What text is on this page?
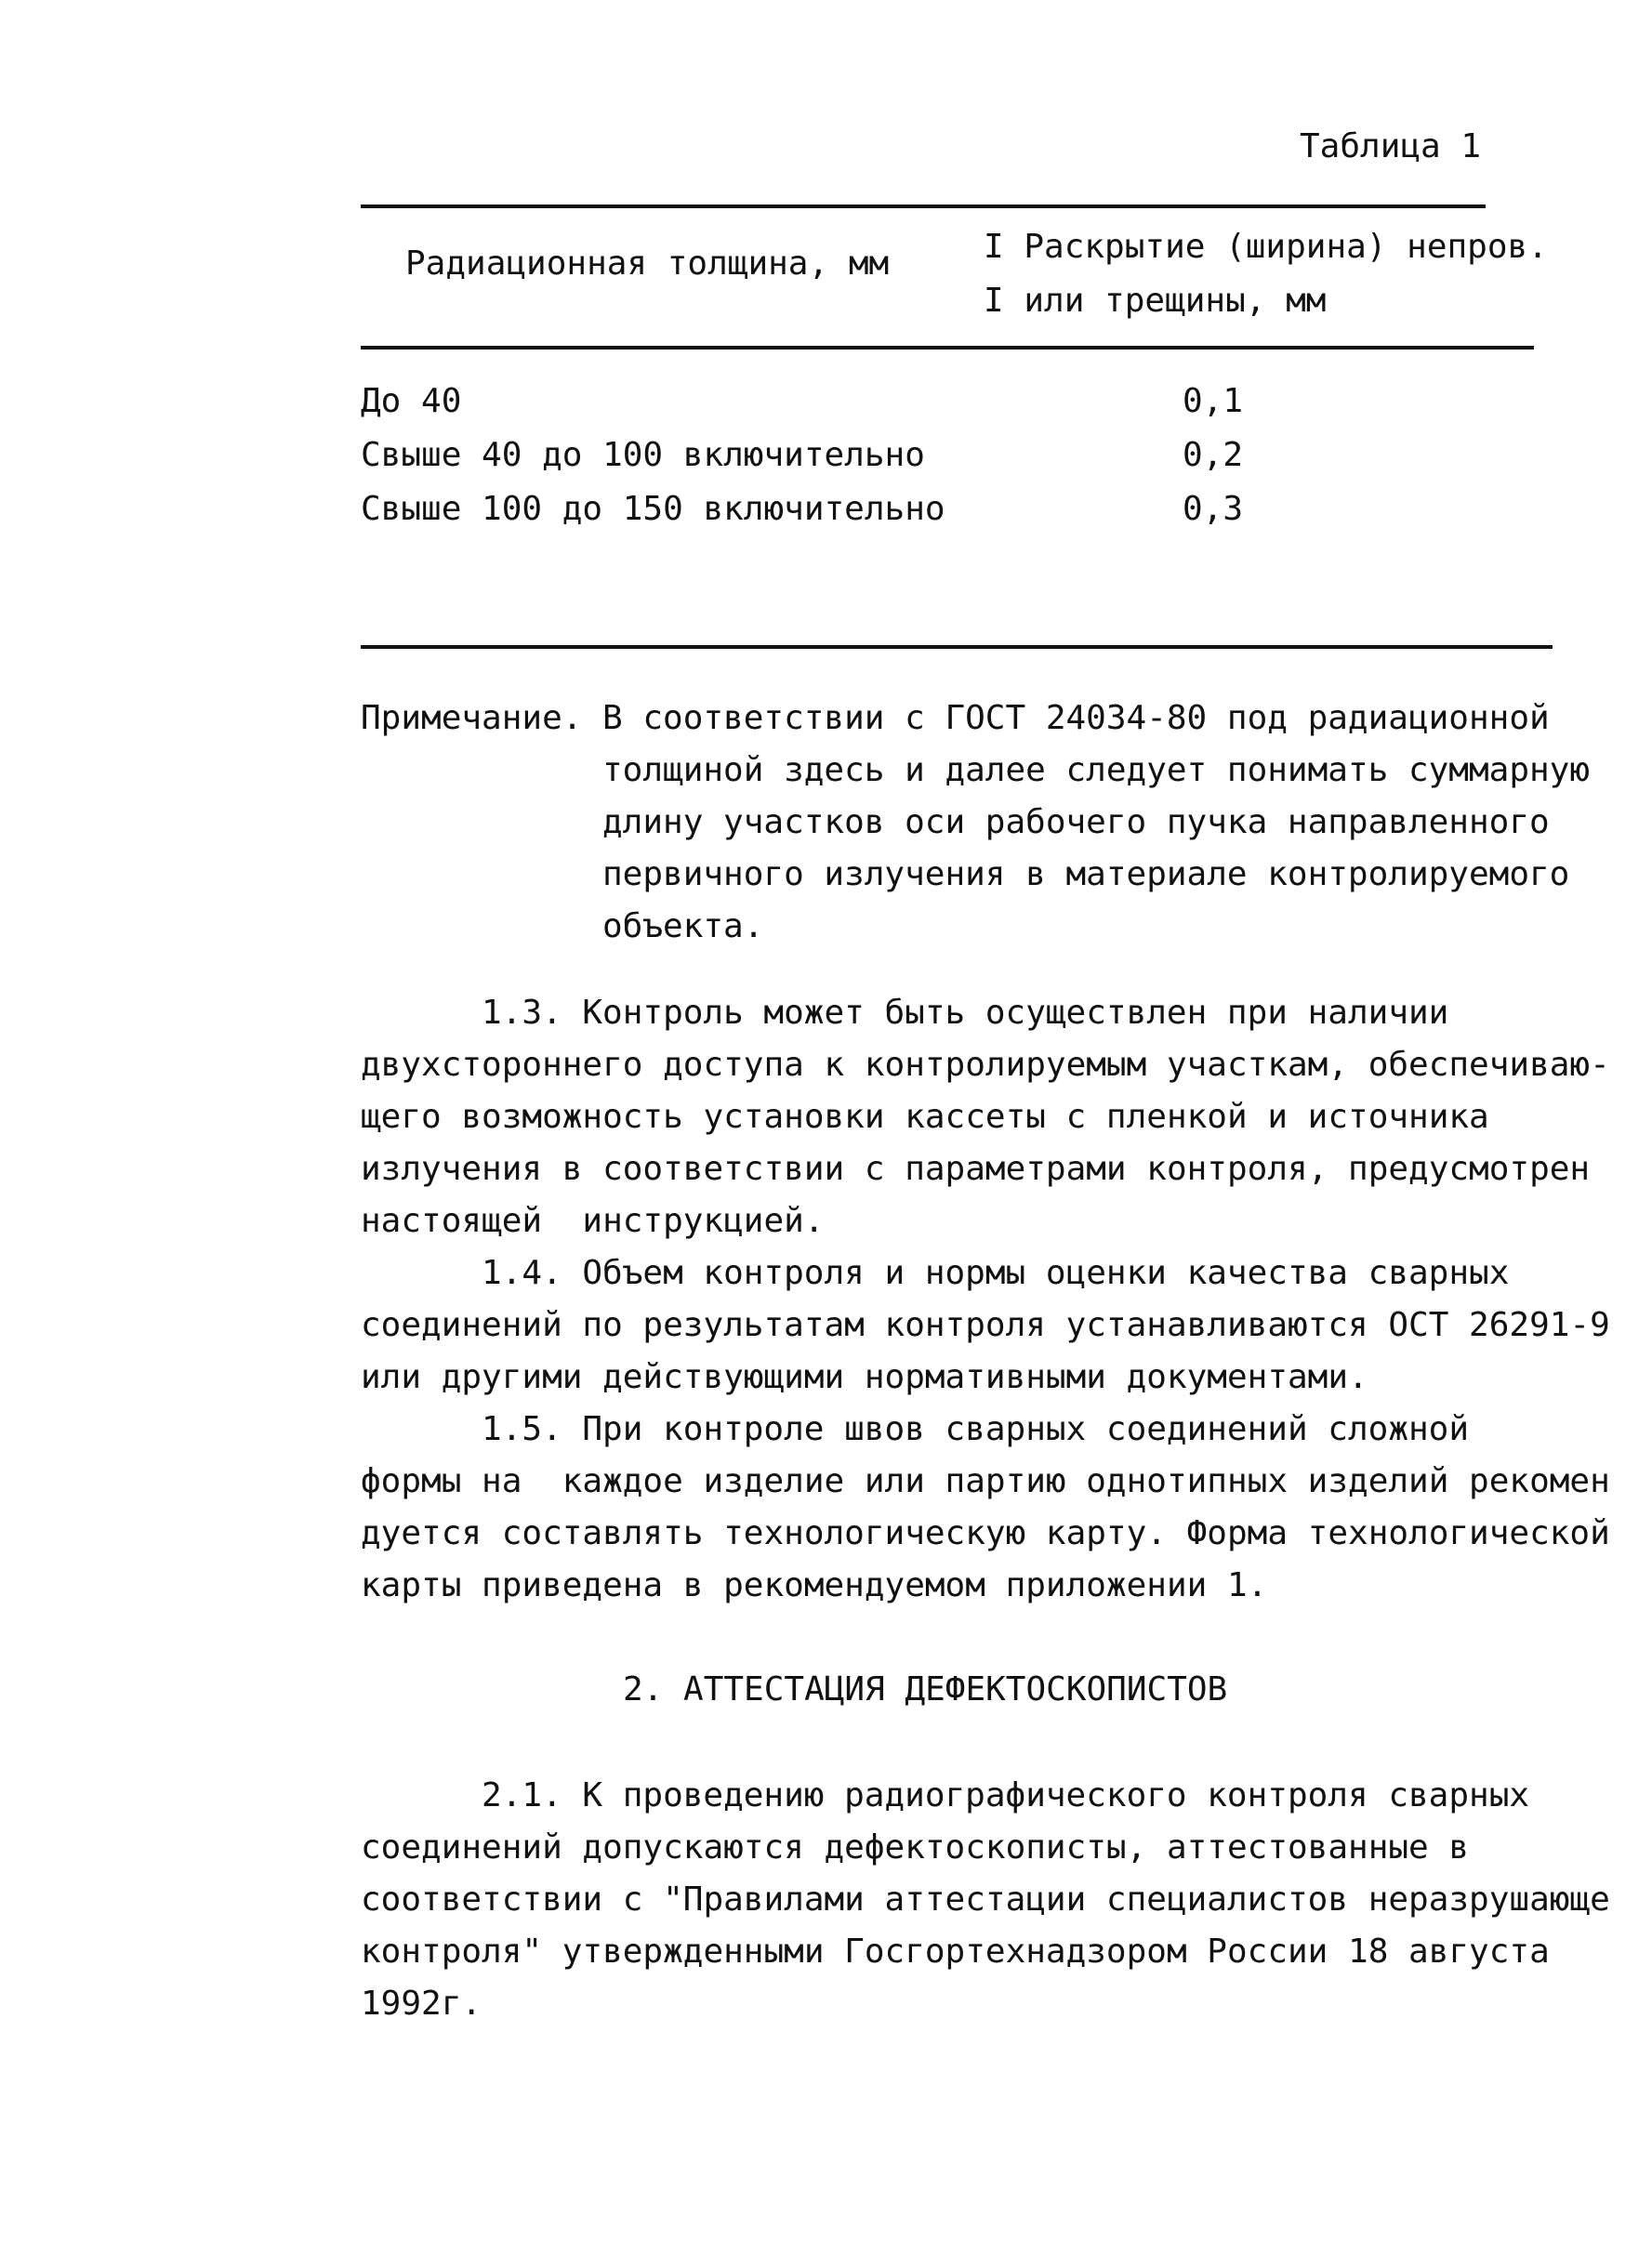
Таблица 1
Радиационная толщина, мм	I Раскрытие (ширина) непров.
I или трещины, мм
До 40	0,1
Свыше 40 до 100 включительно	0,2
Свыше 100 до 150 включительно	0,3
Примечание. В соответствии с ГОСТ 24034-80 под радиационной
толщиной здесь и далее следует понимать суммарную
длину участков оси рабочего пучка направленного
первичного излучения в материале контролируемого
объекта.
1.3. Контроль может быть осуществлен при наличии
двухстороннего доступа к контролируемым участкам, обеспечиваю-
щего возможность установки кассеты с пленкой и источника
излучения в соответствии с параметрами контроля, предусмотрен
настоящей  инструкцией.
1.4. Объем контроля и нормы оценки качества сварных
соединений по результатам контроля устанавливаются ОСТ 26291-9
или другими действующими нормативными документами.
1.5. При контроле швов сварных соединений сложной
формы на  каждое изделие или партию однотипных изделий рекомен
дуется составлять технологическую карту. Форма технологической
карты приведена в рекомендуемом приложении 1.
2. АТТЕСТАЦИЯ ДЕФЕКТОСКОПИСТОВ
2.1. К проведению радиографического контроля сварных
соединений допускаются дефектоскописты, аттестованные в
соответствии с "Правилами аттестации специалистов неразрушающе
контроля" утвержденными Госгортехнадзором России 18 августа
1992г.
